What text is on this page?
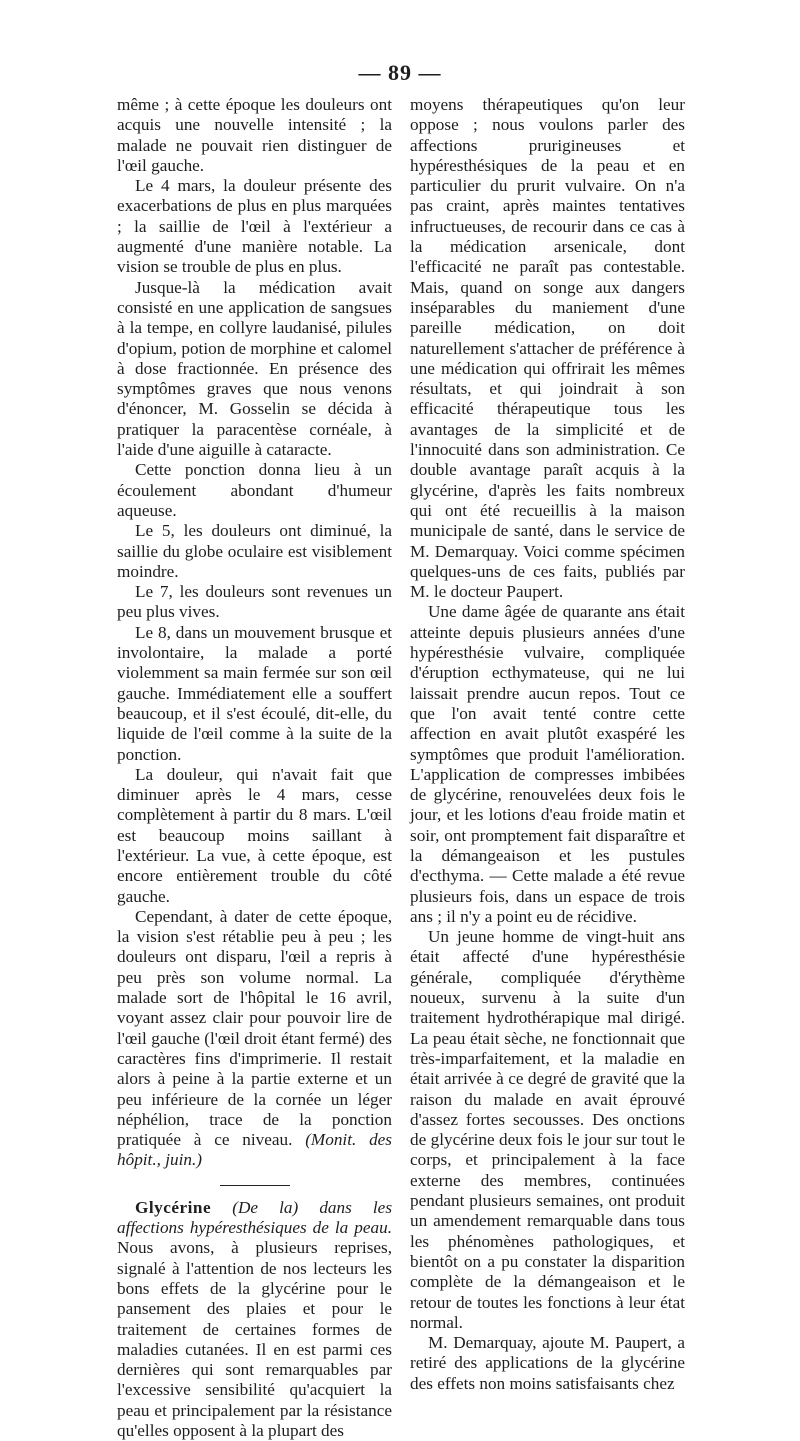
— 89 —

même ; à cette époque les douleurs ont acquis une nouvelle intensité ; la malade ne pouvait rien distinguer de l'œil gauche.

Le 4 mars, la douleur présente des exacerbations de plus en plus marquées ; la saillie de l'œil à l'extérieur a augmenté d'une manière notable. La vision se trouble de plus en plus.

Jusque-là la médication avait consisté en une application de sangsues à la tempe, en collyre laudanisé, pilules d'opium, potion de morphine et calomel à dose fractionnée. En présence des symptômes graves que nous venons d'énoncer, M. Gosselin se décida à pratiquer la paracentèse cornéale, à l'aide d'une aiguille à cataracte.

Cette ponction donna lieu à un écoulement abondant d'humeur aqueuse.

Le 5, les douleurs ont diminué, la saillie du globe oculaire est visiblement moindre.

Le 7, les douleurs sont revenues un peu plus vives.

Le 8, dans un mouvement brusque et involontaire, la malade a porté violemment sa main fermée sur son œil gauche. Immédiatement elle a souffert beaucoup, et il s'est écoulé, dit-elle, du liquide de l'œil comme à la suite de la ponction.

La douleur, qui n'avait fait que diminuer après le 4 mars, cesse complètement à partir du 8 mars. L'œil est beaucoup moins saillant à l'extérieur. La vue, à cette époque, est encore entièrement trouble du côté gauche.

Cependant, à dater de cette époque, la vision s'est rétablie peu à peu ; les douleurs ont disparu, l'œil a repris à peu près son volume normal. La malade sort de l'hôpital le 16 avril, voyant assez clair pour pouvoir lire de l'œil gauche (l'œil droit étant fermé) des caractères fins d'imprimerie. Il restait alors à peine à la partie externe et un peu inférieure de la cornée un léger néphélion, trace de la ponction pratiquée à ce niveau. (Monit. des hôpit., juin.)

Glycérine (De la) dans les affections hypéresthésiques de la peau. Nous avons, à plusieurs reprises, signalé à l'attention de nos lecteurs les bons effets de la glycérine pour le pansement des plaies et pour le traitement de certaines formes de maladies cutanées. Il en est parmi ces dernières qui sont remarquables par l'excessive sensibilité qu'acquiert la peau et principalement par la résistance qu'elles opposent à la plupart des

moyens thérapeutiques qu'on leur oppose ; nous voulons parler des affections prurigineuses et hypéresthésiques de la peau et en particulier du prurit vulvaire. On n'a pas craint, après maintes tentatives infructueuses, de recourir dans ce cas à la médication arsenicale, dont l'efficacité ne paraît pas contestable. Mais, quand on songe aux dangers inséparables du maniement d'une pareille médication, on doit naturellement s'attacher de préférence à une médication qui offrirait les mêmes résultats, et qui joindrait à son efficacité thérapeutique tous les avantages de la simplicité et de l'innocuité dans son administration. Ce double avantage paraît acquis à la glycérine, d'après les faits nombreux qui ont été recueillis à la maison municipale de santé, dans le service de M. Demarquay. Voici comme spécimen quelques-uns de ces faits, publiés par M. le docteur Paupert.

Une dame âgée de quarante ans était atteinte depuis plusieurs années d'une hypéresthésie vulvaire, compliquée d'éruption ecthymateuse, qui ne lui laissait prendre aucun repos. Tout ce que l'on avait tenté contre cette affection en avait plutôt exaspéré les symptômes que produit l'amélioration. L'application de compresses imbibées de glycérine, renouvelées deux fois le jour, et les lotions d'eau froide matin et soir, ont promptement fait disparaître et la démangeaison et les pustules d'ecthyma. — Cette malade a été revue plusieurs fois, dans un espace de trois ans ; il n'y a point eu de récidive.

Un jeune homme de vingt-huit ans était affecté d'une hypéresthésie générale, compliquée d'érythème noueux, survenu à la suite d'un traitement hydrothérapique mal dirigé. La peau était sèche, ne fonctionnait que très-imparfaitement, et la maladie en était arrivée à ce degré de gravité que la raison du malade en avait éprouvé d'assez fortes secousses. Des onctions de glycérine deux fois le jour sur tout le corps, et principalement à la face externe des membres, continuées pendant plusieurs semaines, ont produit un amendement remarquable dans tous les phénomènes pathologiques, et bientôt on a pu constater la disparition complète de la démangeaison et le retour de toutes les fonctions à leur état normal.

M. Demarquay, ajoute M. Paupert, a retiré des applications de la glycérine des effets non moins satisfaisants chez
